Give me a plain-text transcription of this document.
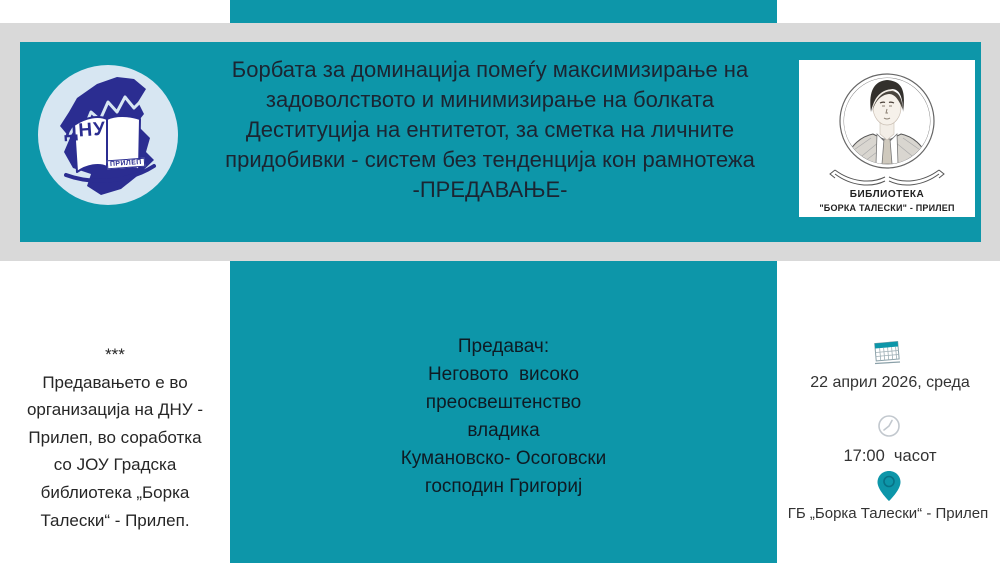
ДНУ
ПРИЛЕП
Борбата за доминација помеѓу максимизирање на
задоволството и минимизирање на болката
Деституција на ентитетот, за сметка на личните
придобивки - систем без тенденција кон рамнотежа
-ПРЕДАВАЊЕ-	БИБЛИОТЕКА
"БОРКА ТАЛЕСКИ" - ПРИЛЕП
***
Предавањето е во
организација на ДНУ -
Прилеп, во соработка
со ЈОУ Градска
библиотека „Борка
Талески“ - Прилеп.
Предавач:
Неговото  високо
преосвештенство
владика
Кумановско- Осоговски
господин Григориј
22 април 2026, среда
17:00  часот
ГБ „Борка Талески“ - Прилеп
